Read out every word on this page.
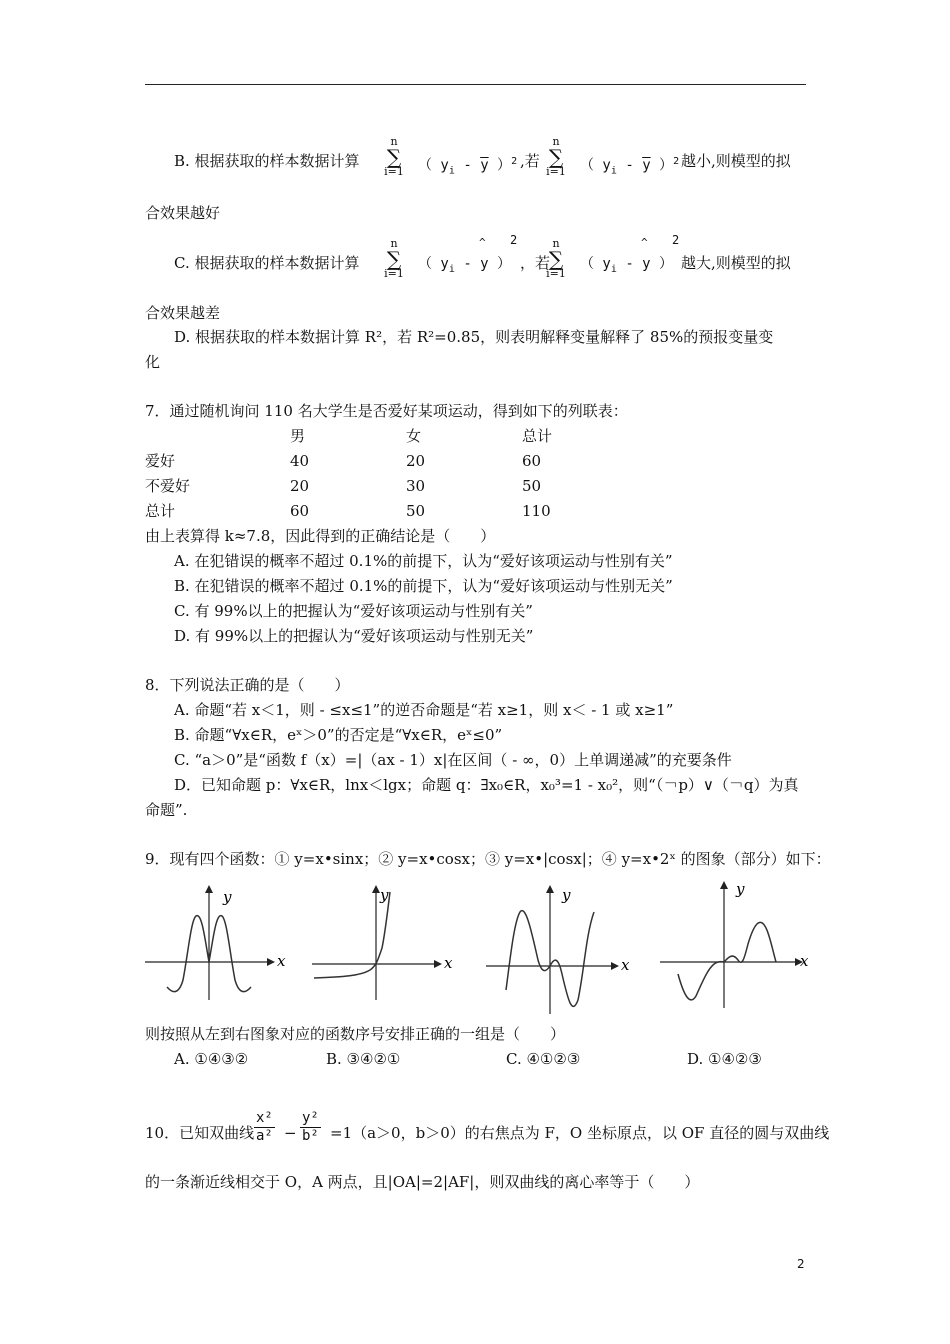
B. 根据获取的样本数据计算
n
∑
i=1 （ $y_i - \overline{y}$ ）$^2$ ,若
n
∑
i=1 （ $y_i - \overline{y}$ ）$^2$ 越小,则模型的拟
合效果越好
C. 根据获取的样本数据计算
n
∑
i=1
（ $y_i$ - y ）
^ 2
，若
n
∑
i=1
（ $y_i$ - y ）
^ 2
越大,则模型的拟
合效果越差
D. 根据获取的样本数据计算 R²，若 R²=0.85，则表明解释变量解释了 85%的预报变量变
化
7．通过随机询问 110 名大学生是否爱好某项运动，得到如下的列联表：
男	女	总计
爱好	40	20	60
不爱好	20	30	50
总计	60	50	110
由上表算得 k≈7.8，因此得到的正确结论是（　　）
A. 在犯错误的概率不超过 0.1%的前提下，认为“爱好该项运动与性别有关”
B. 在犯错误的概率不超过 0.1%的前提下，认为“爱好该项运动与性别无关”
C. 有 99%以上的把握认为“爱好该项运动与性别有关”
D. 有 99%以上的把握认为“爱好该项运动与性别无关”
8．下列说法正确的是（　　）
A. 命题“若 x＜1，则 - ≤x≤1”的逆否命题是“若 x≥1，则 x＜ - 1 或 x≥1”
B. 命题“∀x∈R，eˣ＞0”的否定是“∀x∈R，eˣ≤0”
C. “a＞0”是“函数 f（x）=|（ax - 1）x|在区间（ - ∞，0）上单调递减”的充要条件
D．已知命题 p：∀x∈R，lnx＜lgx；命题 q：∃x₀∈R，x₀³=1 - x₀²，则“（￢p）∨（￢q）为真
命题”.
9．现有四个函数：① y=x•sinx；② y=x•cosx；③ y=x•|cosx|；④ y=x•2ˣ 的图象（部分）如下：
x
y
x
y
x
y
x
y
则按照从左到右图象对应的函数序号安排正确的一组是（　　）
A. ①④③②	B. ③④②①	C. ④①②③	D. ①④②③
10．已知双曲线 $\frac{\text{x²}}{\text{a²}} - \frac{\text{y²}}{\text{b²}} =1(a>0$，b＞0）的右焦点为 F，O 坐标原点，以 OF 直径的圆与双曲线
的一条渐近线相交于 O，A 两点，且|OA|=2|AF|，则双曲线的离心率等于（　　）
2
